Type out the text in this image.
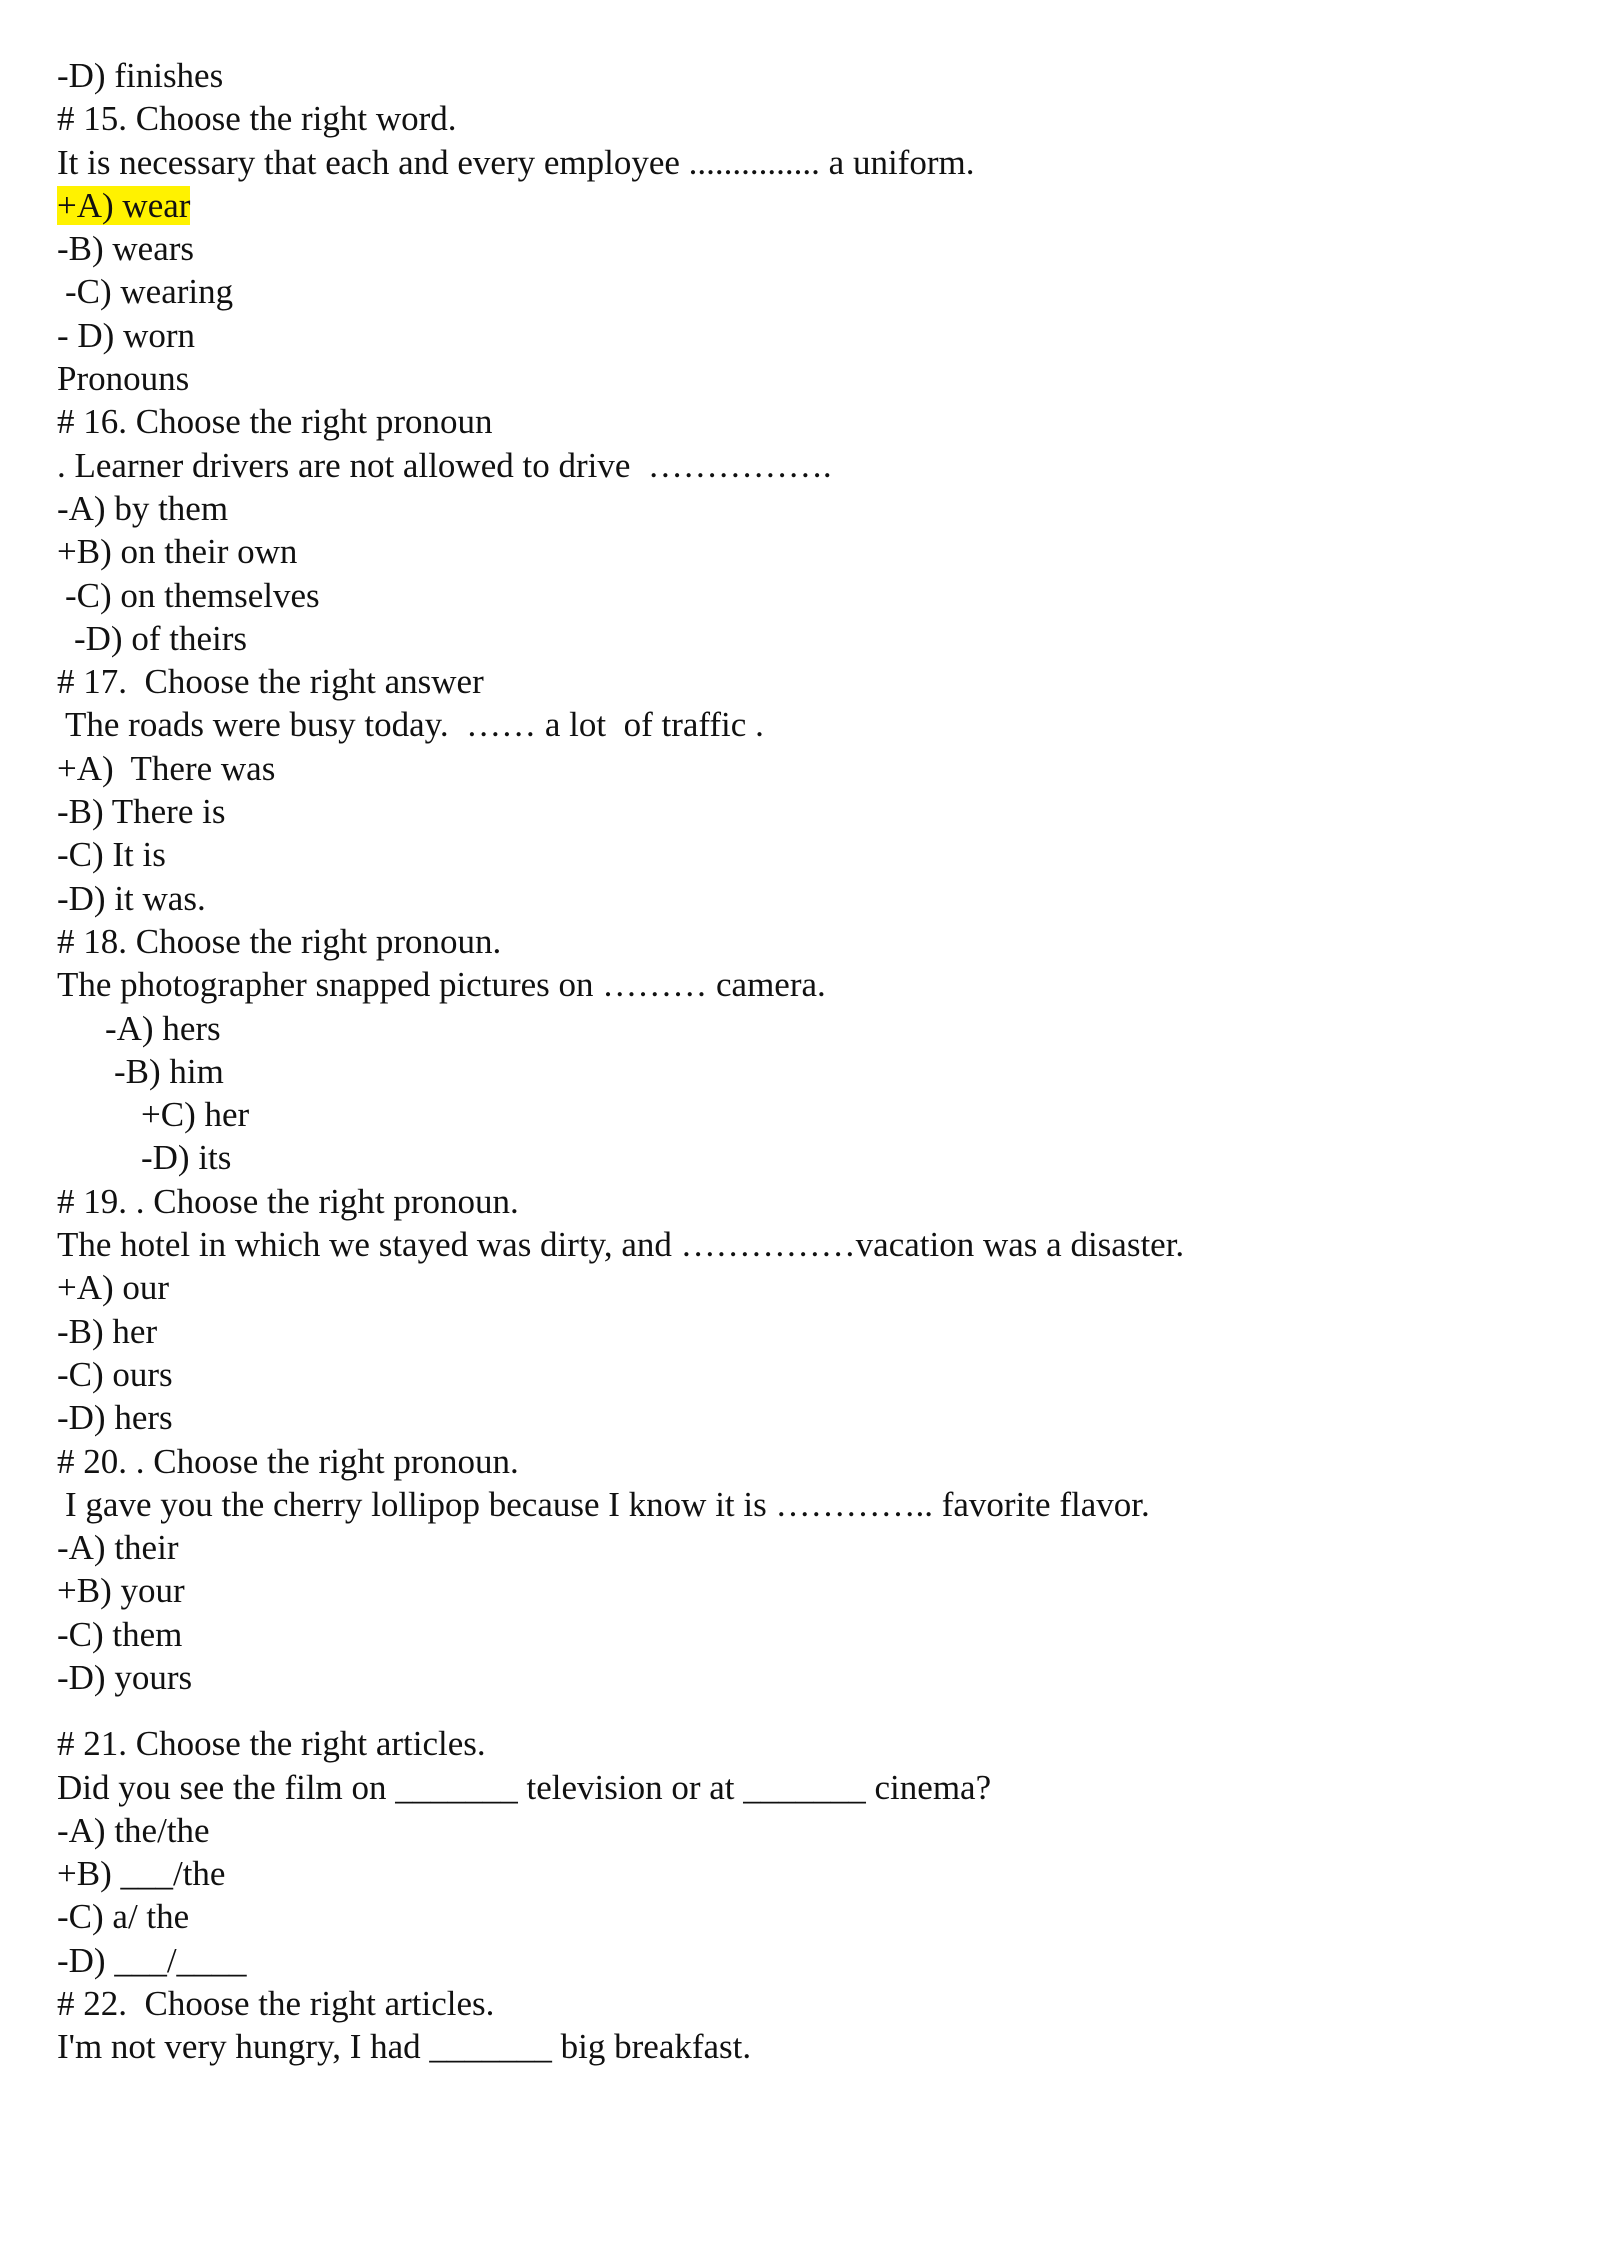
-D) finishes
# 15. Choose the right word.
It is necessary that each and every employee ............... a uniform.
+A) wear
-B) wears
-C) wearing
- D) worn
Pronouns
# 16. Choose the right pronoun
. Learner drivers are not allowed to drive  …………….
-A) by them
+B) on their own
-C) on themselves
-D) of theirs
# 17.  Choose the right answer
The roads were busy today.  …… a lot  of traffic .
+A)  There was
-B) There is
-C) It is
-D) it was.
# 18. Choose the right pronoun.
The photographer snapped pictures on ……… camera.
-A) hers
-B) him
+C) her
-D) its
# 19. . Choose the right pronoun.
The hotel in which we stayed was dirty, and ……………vacation was a disaster.
+A) our
-B) her
-C) ours
-D) hers
# 20. . Choose the right pronoun.
I gave you the cherry lollipop because I know it is ………….. favorite flavor.
-A) their
+B) your
-C) them
-D) yours
# 21. Choose the right articles.
Did you see the film on _______ television or at _______ cinema?
-A) the/the
+B) ___/the
-C) a/ the
-D) ___/____
# 22.  Choose the right articles.
I'm not very hungry, I had _______ big breakfast.
